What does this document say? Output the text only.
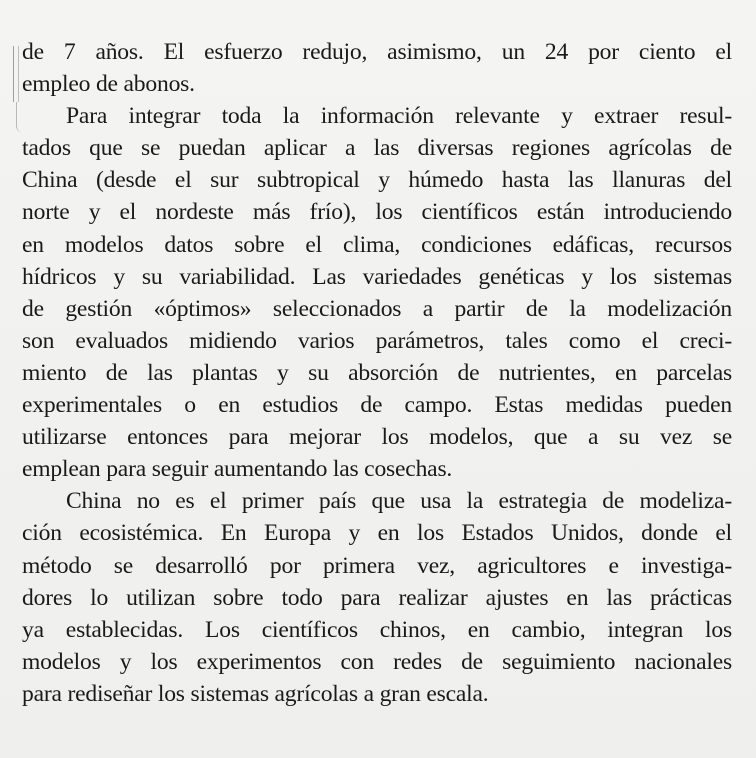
de 7 años. El esfuerzo redujo, asimismo, un 24 por ciento el
empleo de abonos.
Para integrar toda la información relevante y extraer resul-
tados que se puedan aplicar a las diversas regiones agrícolas de
China (desde el sur subtropical y húmedo hasta las llanuras del
norte y el nordeste más frío), los científicos están introduciendo
en modelos datos sobre el clima, condiciones edáficas, recursos
hídricos y su variabilidad. Las variedades genéticas y los sistemas
de gestión «óptimos» seleccionados a partir de la modelización
son evaluados midiendo varios parámetros, tales como el creci-
miento de las plantas y su absorción de nutrientes, en parcelas
experimentales o en estudios de campo. Estas medidas pueden
utilizarse entonces para mejorar los modelos, que a su vez se
emplean para seguir aumentando las cosechas.
China no es el primer país que usa la estrategia de modeliza-
ción ecosistémica. En Europa y en los Estados Unidos, donde el
método se desarrolló por primera vez, agricultores e investiga-
dores lo utilizan sobre todo para realizar ajustes en las prácticas
ya establecidas. Los científicos chinos, en cambio, integran los
modelos y los experimentos con redes de seguimiento nacionales
para rediseñar los sistemas agrícolas a gran escala.
